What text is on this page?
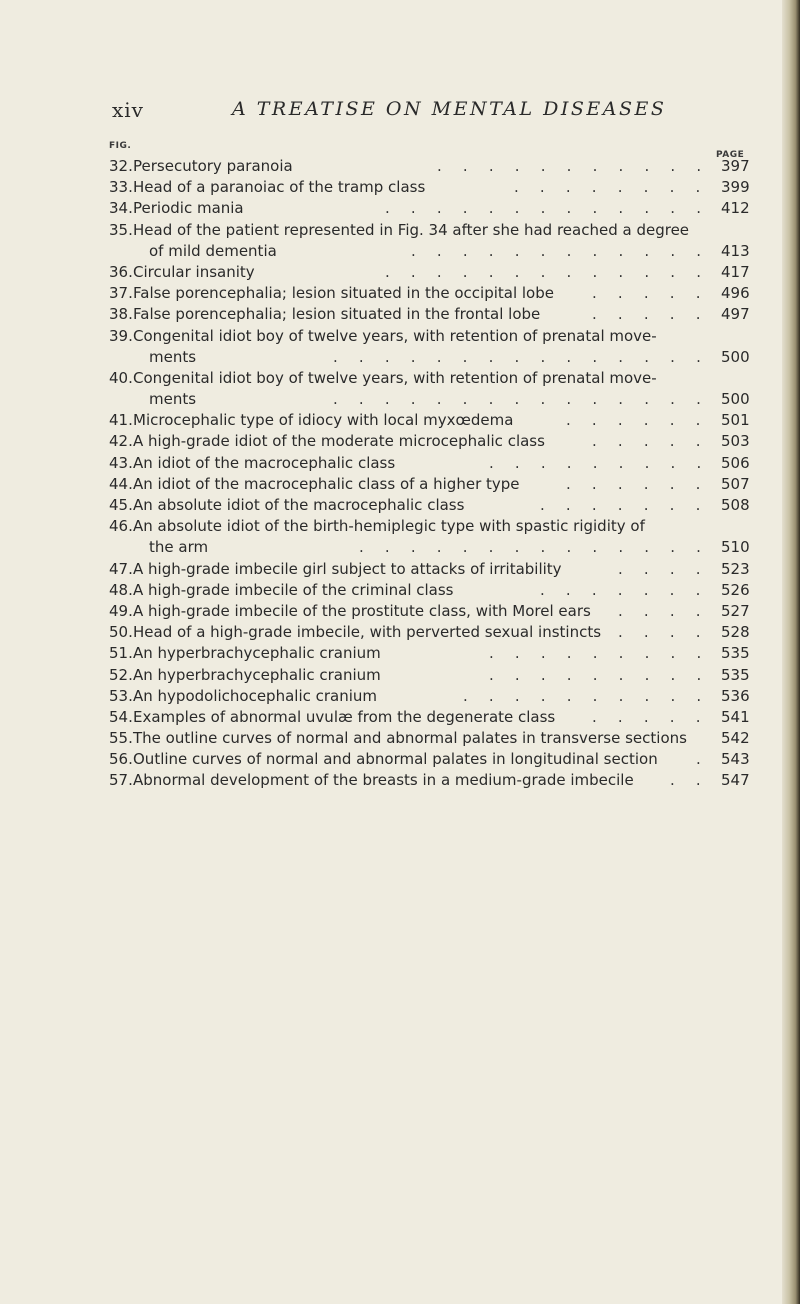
xiv	A TREATISE ON MENTAL DISEASES
FIG.
PAGE
32. Persecutory paranoia	397
. . . . . . . . . . .
33. Head of a paranoiac of the tramp class	399
. . . . . . . .
34. Periodic mania	412
. . . . . . . . . . . . .
35. Head of the patient represented in Fig. 34 after she had reached a degree
of mild dementia	413
. . . . . . . . . . . .
36. Circular insanity	417
. . . . . . . . . . . . .
37. False porencephalia; lesion situated in the occipital lobe	496
. . . . .
38. False porencephalia; lesion situated in the frontal lobe	497
. . . . .
39. Congenital idiot boy of twelve years, with retention of prenatal move-
ments	500
. . . . . . . . . . . . . . .
40. Congenital idiot boy of twelve years, with retention of prenatal move-
ments	500
. . . . . . . . . . . . . . .
41. Microcephalic type of idiocy with local myxœdema	501
. . . . . .
42. A high-grade idiot of the moderate microcephalic class	503
. . . . .
43. An idiot of the macrocephalic class	506
. . . . . . . . .
44. An idiot of the macrocephalic class of a higher type	507
. . . . . .
45. An absolute idiot of the macrocephalic class	508
. . . . . . .
46. An absolute idiot of the birth-hemiplegic type with spastic rigidity of
the arm	510
. . . . . . . . . . . . . .
47. A high-grade imbecile girl subject to attacks of irritability	523
. . . .
48. A high-grade imbecile of the criminal class	526
. . . . . . .
49. A high-grade imbecile of the prostitute class, with Morel ears	527
. . . .
50. Head of a high-grade imbecile, with perverted sexual instincts	528
. . . .
51. An hyperbrachycephalic cranium	535
. . . . . . . . .
52. An hyperbrachycephalic cranium	535
. . . . . . . . .
53. An hypodolichocephalic cranium	536
. . . . . . . . . .
54. Examples of abnormal uvulæ from the degenerate class	541
. . . . .
55. The outline curves of normal and abnormal palates in transverse sections 542
56. Outline curves of normal and abnormal palates in longitudinal section	543
.
57. Abnormal development of the breasts in a medium-grade imbecile	547
. .
